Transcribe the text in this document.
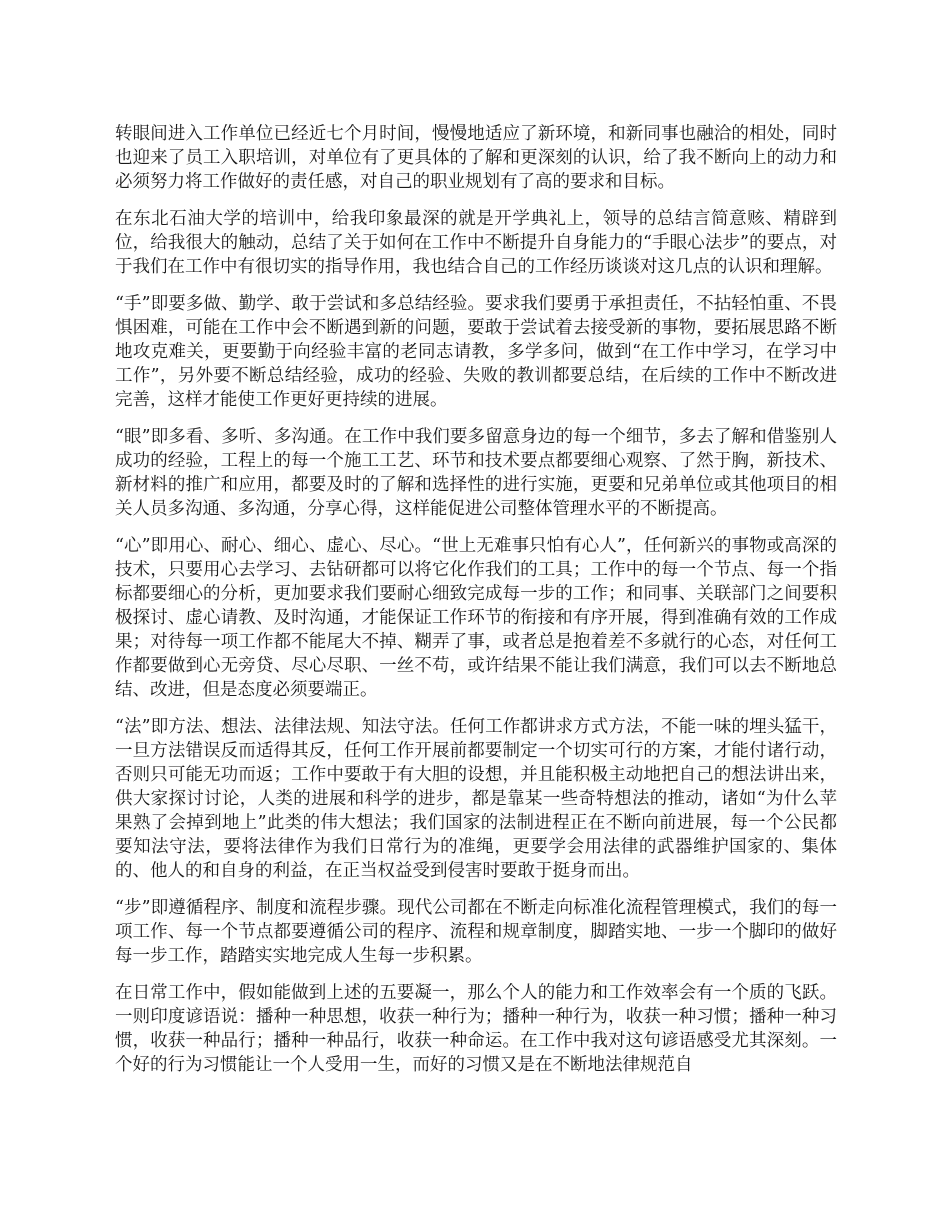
转眼间进入工作单位已经近七个月时间，慢慢地适应了新环境，和新同事也融洽的相处，同时也迎来了员工入职培训，对单位有了更具体的了解和更深刻的认识，给了我不断向上的动力和必须努力将工作做好的责任感，对自己的职业规划有了高的要求和目标。

在东北石油大学的培训中，给我印象最深的就是开学典礼上，领导的总结言简意赅、精辟到位，给我很大的触动，总结了关于如何在工作中不断提升自身能力的“手眼心法步”的要点，对于我们在工作中有很切实的指导作用，我也结合自己的工作经历谈谈对这几点的认识和理解。

“手”即要多做、勤学、敢于尝试和多总结经验。要求我们要勇于承担责任，不拈轻怕重、不畏惧困难，可能在工作中会不断遇到新的问题，要敢于尝试着去接受新的事物，要拓展思路不断地攻克难关，更要勤于向经验丰富的老同志请教，多学多问，做到“在工作中学习，在学习中工作”，另外要不断总结经验，成功的经验、失败的教训都要总结，在后续的工作中不断改进完善，这样才能使工作更好更持续的进展。

“眼”即多看、多听、多沟通。在工作中我们要多留意身边的每一个细节，多去了解和借鉴别人成功的经验，工程上的每一个施工工艺、环节和技术要点都要细心观察、了然于胸，新技术、新材料的推广和应用，都要及时的了解和选择性的进行实施，更要和兄弟单位或其他项目的相关人员多沟通、多沟通，分享心得，这样能促进公司整体管理水平的不断提高。

“心”即用心、耐心、细心、虚心、尽心。“世上无难事只怕有心人”，任何新兴的事物或高深的技术，只要用心去学习、去钻研都可以将它化作我们的工具；工作中的每一个节点、每一个指标都要细心的分析，更加要求我们要耐心细致完成每一步的工作；和同事、关联部门之间要积极探讨、虚心请教、及时沟通，才能保证工作环节的衔接和有序开展，得到准确有效的工作成果；对待每一项工作都不能尾大不掉、糊弄了事，或者总是抱着差不多就行的心态，对任何工作都要做到心无旁贷、尽心尽职、一丝不苟，或许结果不能让我们满意，我们可以去不断地总结、改进，但是态度必须要端正。

“法”即方法、想法、法律法规、知法守法。任何工作都讲求方式方法，不能一味的埋头猛干，一旦方法错误反而适得其反，任何工作开展前都要制定一个切实可行的方案，才能付诸行动，否则只可能无功而返；工作中要敢于有大胆的设想，并且能积极主动地把自己的想法讲出来，供大家探讨讨论，人类的进展和科学的进步，都是靠某一些奇特想法的推动，诸如“为什么苹果熟了会掉到地上”此类的伟大想法；我们国家的法制进程正在不断向前进展，每一个公民都要知法守法，要将法律作为我们日常行为的准绳，更要学会用法律的武器维护国家的、集体的、他人的和自身的利益，在正当权益受到侵害时要敢于挺身而出。

“步”即遵循程序、制度和流程步骤。现代公司都在不断走向标准化流程管理模式，我们的每一项工作、每一个节点都要遵循公司的程序、流程和规章制度，脚踏实地、一步一个脚印的做好每一步工作，踏踏实实地完成人生每一步积累。

在日常工作中，假如能做到上述的五要凝一，那么个人的能力和工作效率会有一个质的飞跃。一则印度谚语说：播种一种思想，收获一种行为；播种一种行为，收获一种习惯；播种一种习惯，收获一种品行；播种一种品行，收获一种命运。在工作中我对这句谚语感受尤其深刻。一个好的行为习惯能让一个人受用一生，而好的习惯又是在不断地法律规范自
